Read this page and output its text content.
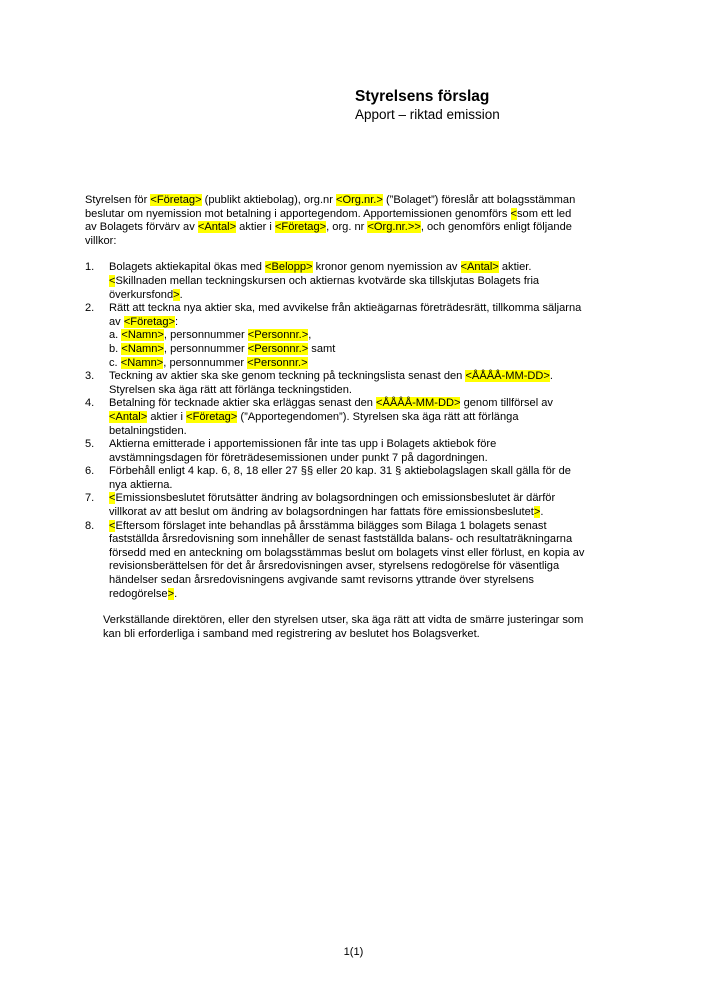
Styrelsens förslag
Apport – riktad emission

Styrelsen för <Företag> (publikt aktiebolag), org.nr <Org.nr.> (”Bolaget”) föreslår att bolagsstämman
beslutar om nyemission mot betalning i apportegendom. Apportemissionen genomförs <som ett led
av Bolagets förvärv av <Antal> aktier i <Företag>, org. nr <Org.nr.>>, och genomförs enligt följande
villkor:

1. Bolagets aktiekapital ökas med <Belopp> kronor genom nyemission av <Antal> aktier.
<Skillnaden mellan teckningskursen och aktiernas kvotvärde ska tillskjutas Bolagets fria
överkursfond>.
2. Rätt att teckna nya aktier ska, med avvikelse från aktieägarnas företrädesrätt, tillkomma säljarna
av <Företag>:
a. <Namn>, personnummer <Personnr.>,
b. <Namn>, personnummer <Personnr.> samt
c. <Namn>, personnummer <Personnr.>
3. Teckning av aktier ska ske genom teckning på teckningslista senast den <ÅÅÅÅ-MM-DD>.
Styrelsen ska äga rätt att förlänga teckningstiden.
4. Betalning för tecknade aktier ska erläggas senast den <ÅÅÅÅ-MM-DD> genom tillförsel av
<Antal> aktier i <Företag> (”Apportegendomen”). Styrelsen ska äga rätt att förlänga
betalningstiden.
5. Aktierna emitterade i apportemissionen får inte tas upp i Bolagets aktiebok före
avstämningsdagen för företrädesemissionen under punkt 7 på dagordningen.
6. Förbehåll enligt 4 kap. 6, 8, 18 eller 27 §§ eller 20 kap. 31 § aktiebolagslagen skall gälla för de
nya aktierna.
7. <Emissionsbeslutet förutsätter ändring av bolagsordningen och emissionsbeslutet är därför
villkorat av att beslut om ändring av bolagsordningen har fattats före emissionsbeslutet>.
8. <Eftersom förslaget inte behandlas på årsstämma bilägges som Bilaga 1 bolagets senast
fastställda årsredovisning som innehåller de senast fastställda balans- och resultaträkningarna
försedd med en anteckning om bolagsstämmas beslut om bolagets vinst eller förlust, en kopia av
revisionsberättelsen för det år årsredovisningen avser, styrelsens redogörelse för väsentliga
händelser sedan årsredovisningens avgivande samt revisorns yttrande över styrelsens
redogörelse>.

Verkställande direktören, eller den styrelsen utser, ska äga rätt att vidta de smärre justeringar som
kan bli erforderliga i samband med registrering av beslutet hos Bolagsverket.

1(1)
